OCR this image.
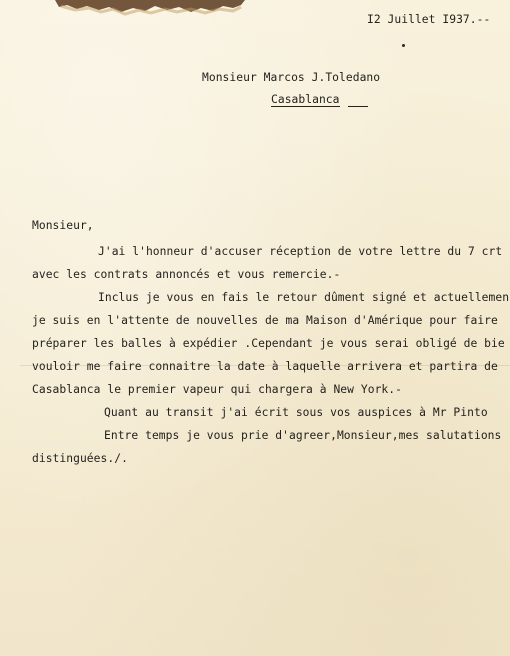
I2 Juillet I937.--
Monsieur Marcos J.Toledano
Casablanca
Monsieur,
J'ai l'honneur d'accuser réception de votre lettre du 7 crt
avec les contrats annoncés et vous remercie.-
Inclus je vous en fais le retour dûment signé et actuellemen
je suis en l'attente de nouvelles de ma Maison d'Amérique pour faire
préparer les balles à expédier .Cependant je vous serai obligé de bie
vouloir me faire connaitre la date à laquelle arrivera et partira de
Casablanca le premier vapeur qui chargera à New York.-
Quant au transit j'ai écrit sous vos auspices à Mr Pinto
Entre temps je vous prie d'agreer,Monsieur,mes salutations
distinguées./.
